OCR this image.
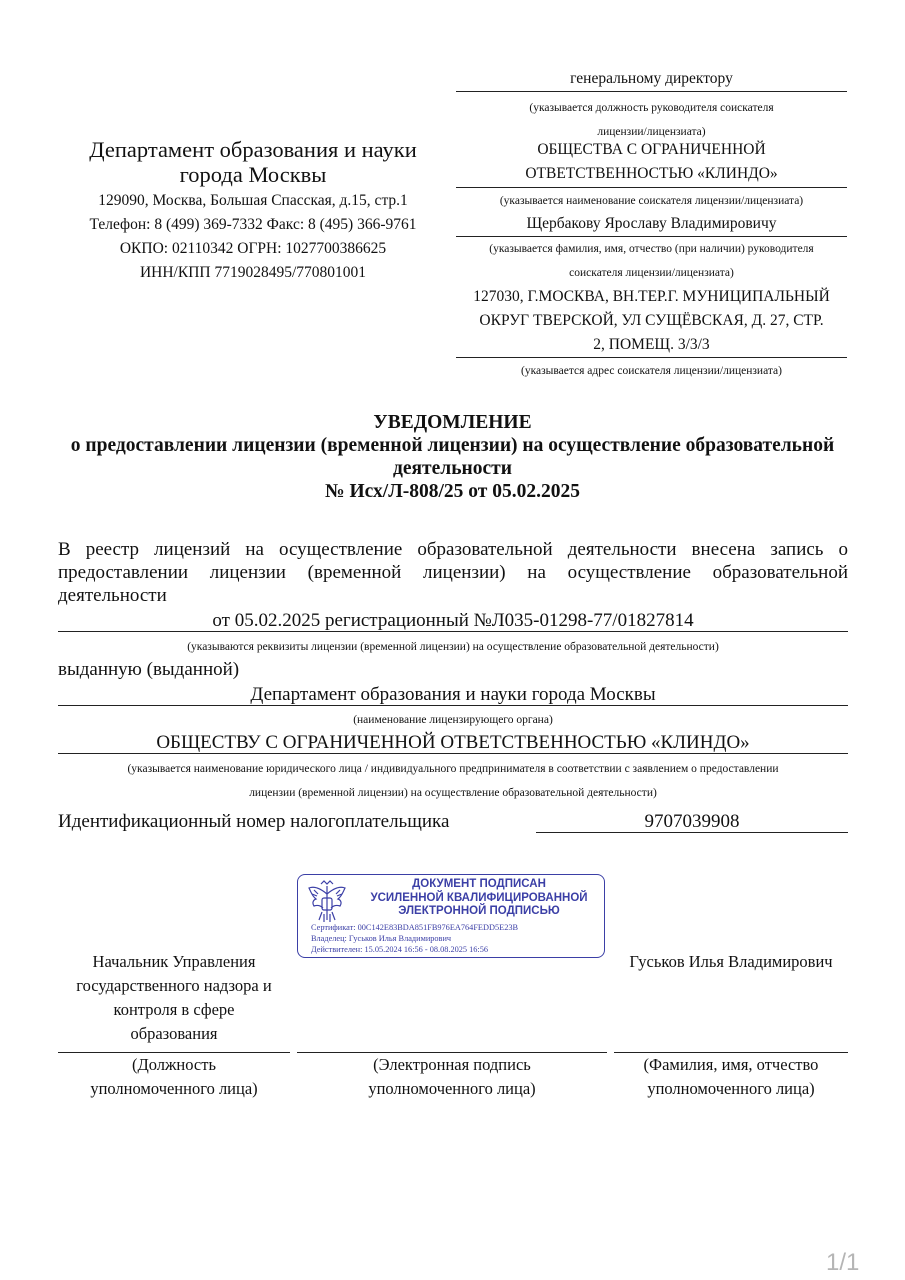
Департамент образования и науки
города Москвы
129090, Москва, Большая Спасская, д.15, стр.1
Телефон: 8 (499) 369-7332 Факс: 8 (495) 366-9761
ОКПО: 02110342 ОГРН: 1027700386625
ИНН/КПП 7719028495/770801001
генеральному директору
(указывается должность руководителя соискателя
лицензии/лицензиата)
ОБЩЕСТВА С ОГРАНИЧЕННОЙ
ОТВЕТСТВЕННОСТЬЮ «КЛИНДО»
(указывается наименование соискателя лицензии/лицензиата)
Щербакову Ярославу Владимировичу
(указывается фамилия, имя, отчество (при наличии) руководителя
соискателя лицензии/лицензиата)
127030, Г.МОСКВА, ВН.ТЕР.Г. МУНИЦИПАЛЬНЫЙ
ОКРУГ ТВЕРСКОЙ, УЛ СУЩЁВСКАЯ, Д. 27, СТР.
2, ПОМЕЩ. 3/3/3
(указывается адрес соискателя лицензии/лицензиата)
УВЕДОМЛЕНИЕ
о предоставлении лицензии (временной лицензии) на осуществление образовательной
деятельности
№ Исх/Л-808/25 от 05.02.2025
В реестр лицензий на осуществление образовательной деятельности внесена запись о
предоставлении лицензии (временной лицензии) на осуществление образовательной
деятельности
от 05.02.2025 регистрационный №Л035-01298-77/01827814
(указываются реквизиты лицензии (временной лицензии) на осуществление образовательной деятельности)
выданную (выданной)
Департамент образования и науки города Москвы
(наименование лицензирующего органа)
ОБЩЕСТВУ С ОГРАНИЧЕННОЙ ОТВЕТСТВЕННОСТЬЮ «КЛИНДО»
(указывается наименование юридического лица / индивидуального предпринимателя в соответствии с заявлением о предоставлении
лицензии (временной лицензии) на осуществление образовательной деятельности)
Идентификационный номер налогоплательщика	9707039908
ДОКУМЕНТ ПОДПИСАН
УСИЛЕННОЙ КВАЛИФИЦИРОВАННОЙ
ЭЛЕКТРОННОЙ ПОДПИСЬЮ
Сертификат: 00C142E83BDA851FB976EA764FEDD5E23B
Владелец: Гуськов Илья Владимирович
Действителен: 15.05.2024 16:56 - 08.08.2025 16:56
Начальник Управления
государственного надзора и
контроля в сфере
образования
Гуськов Илья Владимирович
(Должность
уполномоченного лица)
(Электронная подпись
уполномоченного лица)
(Фамилия, имя, отчество
уполномоченного лица)
1/1
